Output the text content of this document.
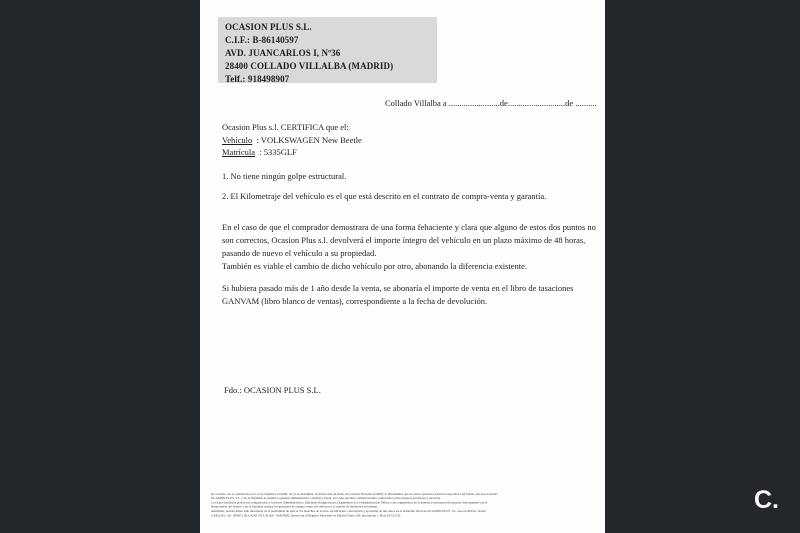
OCASION PLUS S.L.
C.I.F.: B-86140597
AVD. JUANCARLOS I, Nº36
28400 COLLADO VILLALBA (MADRID)
Telf.: 918498907
Collado Villalba a ........................de...........................de ..........
Ocasion Plus s.l. CERTIFICA que el:
Vehículo : VOLKSWAGEN New Beetle
Matrícula : 5335GLF
1. No tiene ningún golpe estructural.
2. El Kilometraje del vehículo es el que está descrito en el contrato de compra-venta y garantía.
En el caso de que el comprador demostrara de una forma fehaciente y clara que alguno de estos dos puntos no
son correctos, Ocasion Plus s.l. devolverá el importe íntegro del vehículo en un plazo máximo de 48 horas,
pasando de nuevo el vehículo a su propiedad.
También es viable el cambio de dicho vehículo por otro, abonando la diferencia existente.
Si hubiera pasado más de 1 año desde la venta, se abonaría el importe de venta en el libro de tasaciones
GANVAM (libro blanco de ventas), correspondiente a la fecha de devolución.
Fdo.: OCASION PLUS S.L.
De acuerdo con lo establecido por la Ley Orgánica 15/1999, de 13 de diciembre, de Protección de Datos de Carácter Personal (LOPD), le informamos que los datos aportados serán incorporados a un fichero del que es titular
OCASIÓN PLUS, S.L., con la finalidad de realizar la gestión administrativa, contable y fiscal, así como enviarle comunicaciones comerciales sobre nuestros productos y servicios.
Los datos incluidos podrán ser comunicados a Gestores Administrativos, Entidades Aseguradoras, Organismos de la Administración Pública con competencia en la materia y personas relacionadas directamente con el
Responsable del fichero, con la finalidad realizar las gestiones de compra-venta del vehículo y el cambio de titularidad del mismo.
Asimismo, declara haber sido informado de la posibilidad de ejercer los derechos de acceso, rectificación, cancelación y oposición de mis datos en el domicilio fiscal de OCASIÓN PLUS, S.L. sito en AVDA. JUAN
CARLOS I, 36 - 28400 COLLADO VILLALBA - MADRID. Inscrita en el Registro Mercantil de Madrid Tomo 130, Inscripción 1, Hoja M-512731.
C.
